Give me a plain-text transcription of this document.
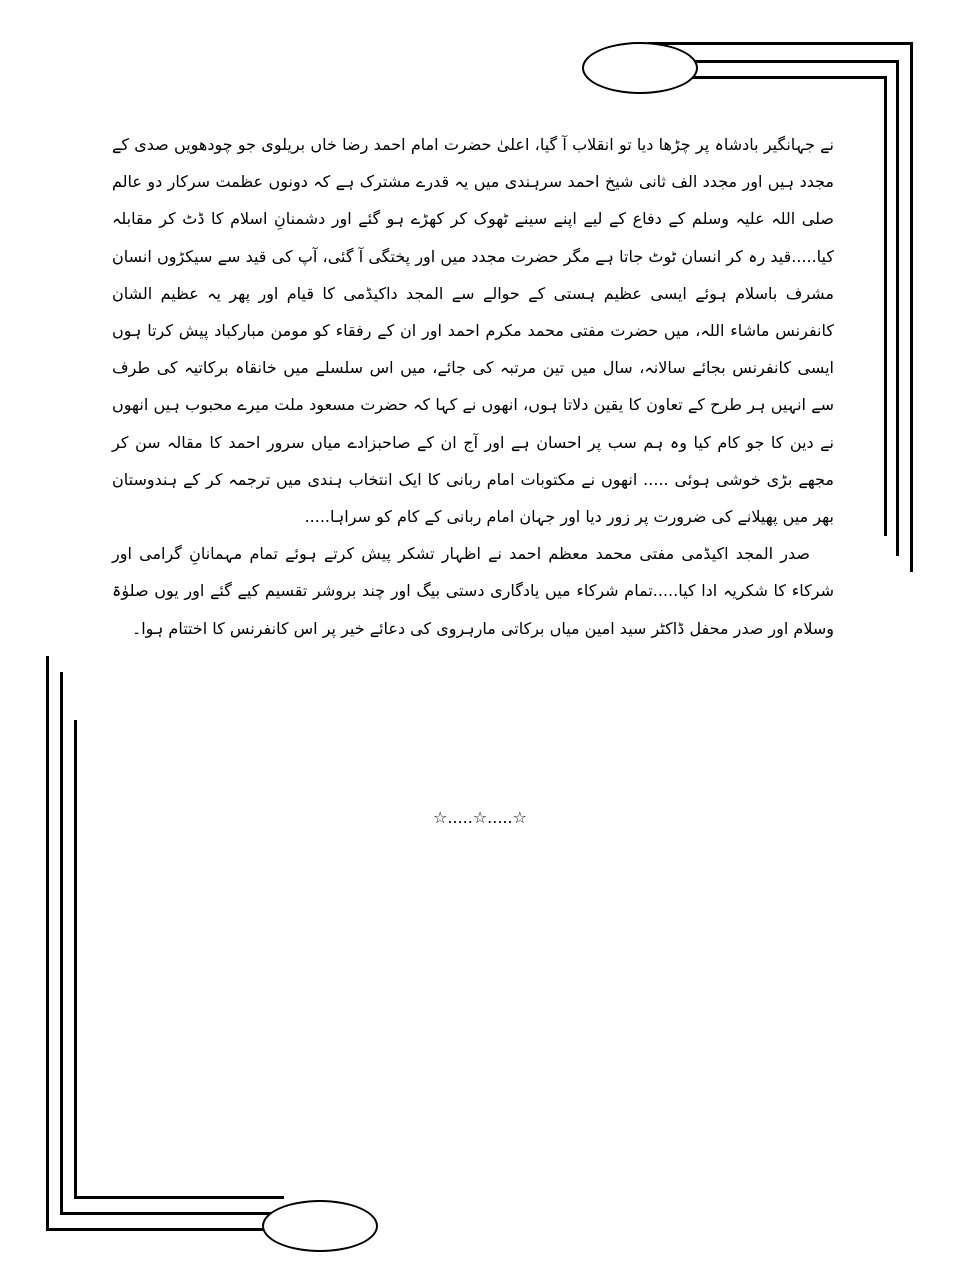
نے جہانگیر بادشاہ پر چڑھا دیا تو انقلاب آ گیا، اعلیٰ حضرت امام احمد رضا خاں بریلوی جو چودھویں صدی کے مجدد ہیں اور مجدد الف ثانی شیخ احمد سرہندی میں یہ قدرے مشترک ہے کہ دونوں عظمت سرکار دو عالم صلی اللہ علیہ وسلم کے دفاع کے لیے اپنے سینے ٹھوک کر کھڑے ہو گئے اور دشمنانِ اسلام کا ڈٹ کر مقابلہ کیا.....قید رہ کر انسان ٹوٹ جاتا ہے مگر حضرت مجدد میں اور پختگی آ گئی، آپ کی قید سے سیکڑوں انسان مشرف باسلام ہوئے ایسی عظیم ہستی کے حوالے سے المجد داکیڈمی کا قیام اور پھر یہ عظیم الشان کانفرنس ماشاء اللہ، میں حضرت مفتی محمد مکرم احمد اور ان کے رفقاء کو مومن مبارکباد پیش کرتا ہوں ایسی کانفرنس بجائے سالانہ، سال میں تین مرتبہ کی جائے، میں اس سلسلے میں خانقاہ برکاتیہ کی طرف سے انہیں ہر طرح کے تعاون کا یقین دلاتا ہوں، انھوں نے کہا کہ حضرت مسعود ملت میرے محبوب ہیں انھوں نے دین کا جو کام کیا وہ ہم سب پر احسان ہے اور آج ان کے صاحبزادے میاں سرور احمد کا مقالہ سن کر مجھے بڑی خوشی ہوئی ..... انھوں نے مکتوبات امام ربانی کا ایک انتخاب ہندی میں ترجمہ کر کے ہندوستان بھر میں پھیلانے کی ضرورت پر زور دیا اور جہان امام ربانی کے کام کو سراہا.....

صدر المجد اکیڈمی مفتی محمد معظم احمد نے اظہار تشکر پیش کرتے ہوئے تمام مہمانانِ گرامی اور شرکاء کا شکریہ ادا کیا.....تمام شرکاء میں یادگاری دستی بیگ اور چند بروشر تقسیم کیے گئے اور یوں صلوٰۃ وسلام اور صدر محفل ڈاکٹر سید امین میاں برکاتی مارہروی کی دعائے خیر پر اس کانفرنس کا اختتام ہوا۔

☆.....☆.....☆
